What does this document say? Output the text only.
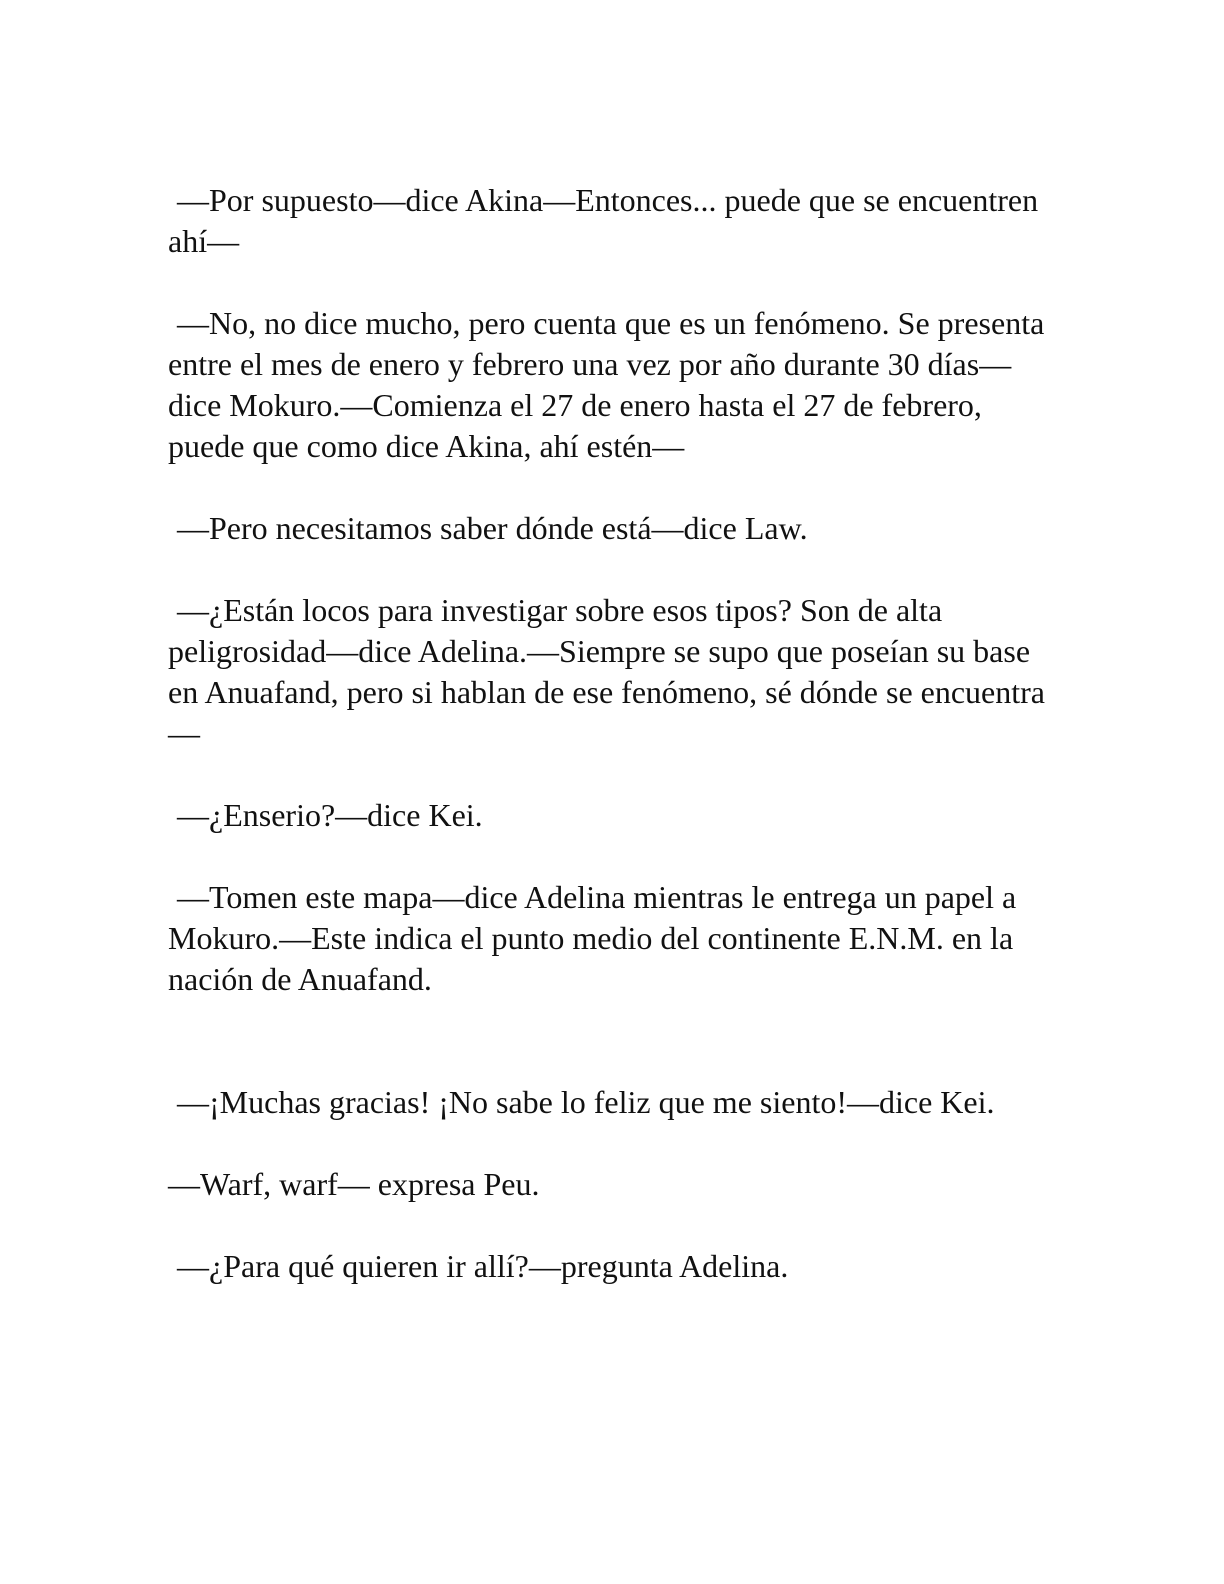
—Por supuesto—dice Akina—Entonces... puede que se encuentren ahí—

—No, no dice mucho, pero cuenta que es un fenómeno. Se presenta entre el mes de enero y febrero una vez por año durante 30 días—dice Mokuro.—Comienza el 27 de enero hasta el 27 de febrero, puede que como dice Akina, ahí estén—

—Pero necesitamos saber dónde está—dice Law.

—¿Están locos para investigar sobre esos tipos? Son de alta peligrosidad—dice Adelina.—Siempre se supo que poseían su base en Anuafand, pero si hablan de ese fenómeno, sé dónde se encuentra—

—¿Enserio?—dice Kei.

—Tomen este mapa—dice Adelina mientras le entrega un papel a Mokuro.—Este indica el punto medio del continente E.N.M. en la nación de Anuafand.

—¡Muchas gracias! ¡No sabe lo feliz que me siento!—dice Kei.

—Warf, warf— expresa Peu.

—¿Para qué quieren ir allí?—pregunta Adelina.
